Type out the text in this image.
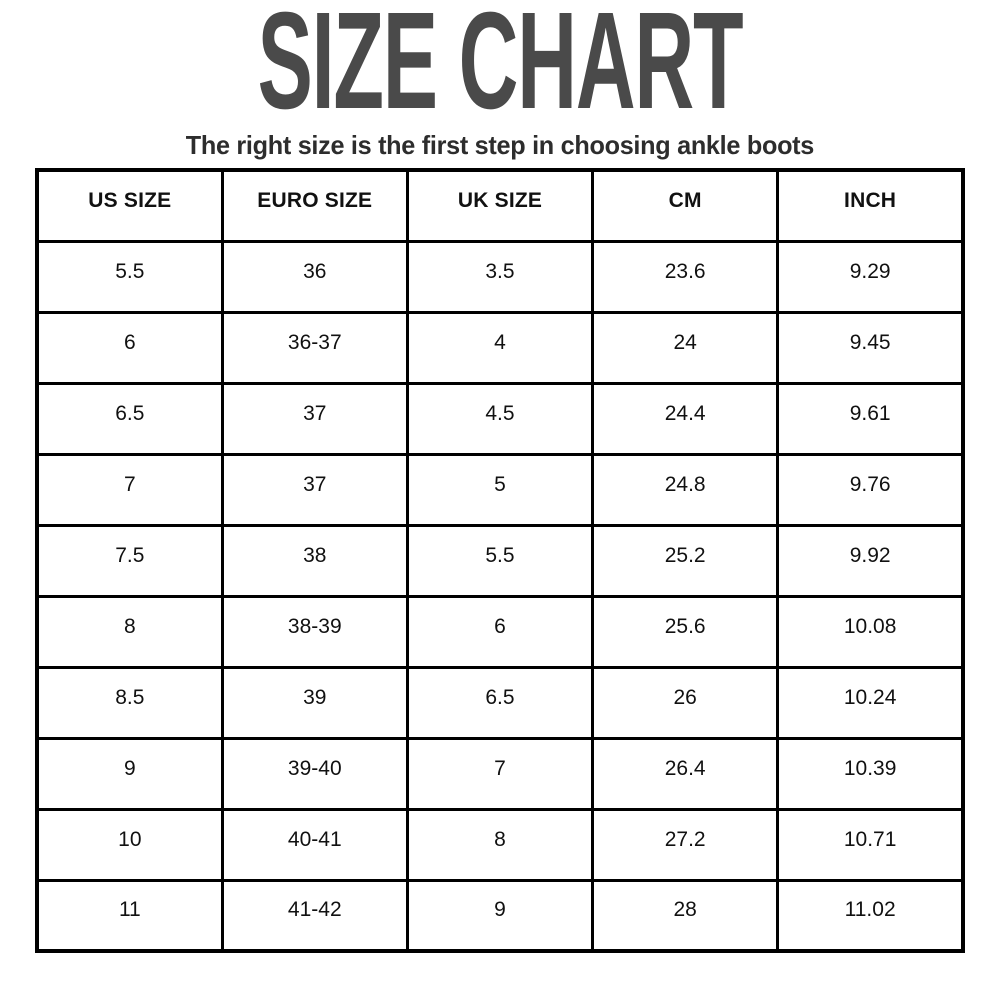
SIZE CHART

The right size is the first step in choosing ankle boots

US SIZE	EURO SIZE	UK SIZE	CM	INCH
5.5	36	3.5	23.6	9.29
6	36-37	4	24	9.45
6.5	37	4.5	24.4	9.61
7	37	5	24.8	9.76
7.5	38	5.5	25.2	9.92
8	38-39	6	25.6	10.08
8.5	39	6.5	26	10.24
9	39-40	7	26.4	10.39
10	40-41	8	27.2	10.71
11	41-42	9	28	11.02
